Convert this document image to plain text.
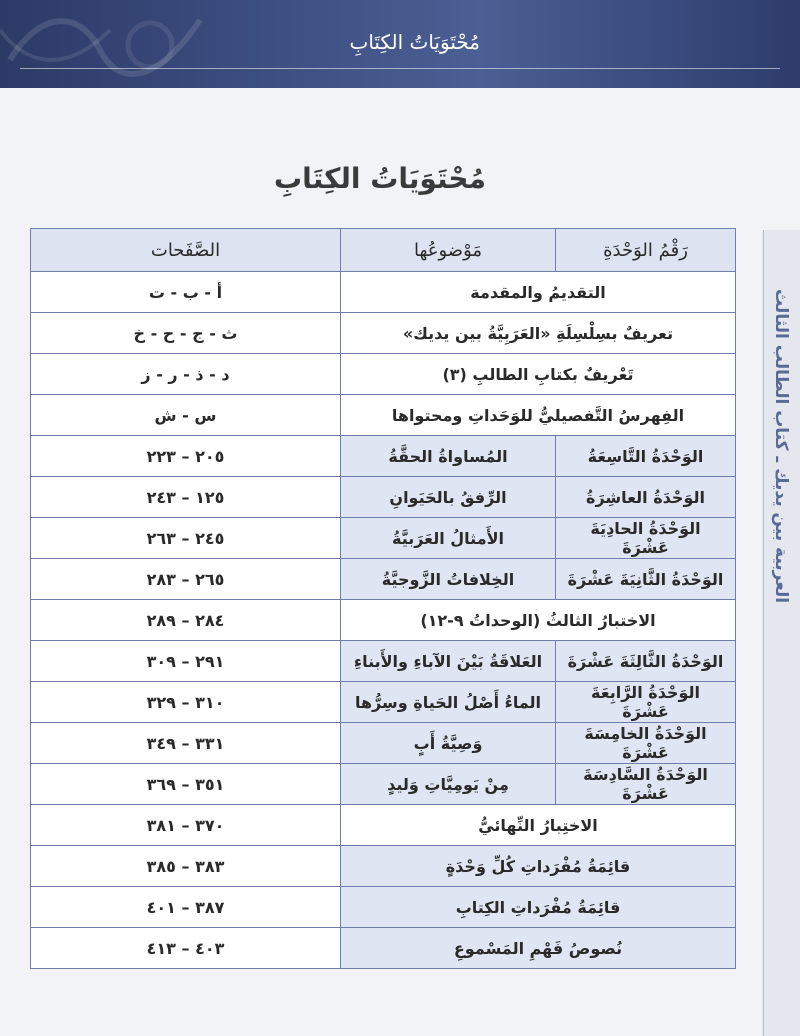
مُحْتَوَيَاتُ الكِتَابِ
مُحْتَوَيَاتُ الكِتَابِ
العربية بين يديك ـ كتاب الطالب الثالث
رَقْمُ الوَحْدَةِ	مَوْضوعُها	الصَّفَحات
التقديمُ والمقدمة		أ - ب - ت
تعريفٌ بسِلْسِلَةِ «العَرَبِيَّةُ بين يديك»		ث - ج - ح - خ
تَعْريفٌ بكتابِ الطالبِ (٣)		د - ذ - ر - ز
الفِهرسُ التَّفصيليُّ للوَحَداتِ ومحتواها		س - ش
الوَحْدَةُ التَّاسِعَةُ	المُساواةُ الحقَّةُ	٢٠٥ – ٢٢٣
الوَحْدَةُ العاشِرَةُ	الرِّفقُ بالحَيَوانِ	١٢٥ – ٢٤٣
الوَحْدَةُ الحادِيَةَ عَشْرَةَ	الأَمثالُ العَرَبيَّةُ	٢٤٥ – ٢٦٣
الوَحْدَةُ الثَّانِيَةَ عَشْرَةَ	الخِلافاتُ الزَّوجيَّةُ	٢٦٥ – ٢٨٣
الاختبارُ الثالثُ (الوحداتُ ٩-١٢)		٢٨٤ – ٢٨٩
الوَحْدَةُ الثَّالِثَةَ عَشْرَةَ	العَلاقَةُ بَيْنَ الآباءِ والأَبناءِ	٢٩١ – ٣٠٩
الوَحْدَةُ الرَّابِعَةَ عَشْرَةَ	الماءُ أَصْلُ الحَياةِ وسِرُّها	٣١٠ – ٣٢٩
الوَحْدَةُ الخامِسَةَ عَشْرَةَ	وَصِيَّةُ أَبٍ	٣٣١ – ٣٤٩
الوَحْدَةُ السَّادِسَةَ عَشْرَةَ	مِنْ يَومِيَّاتِ وَليدٍ	٣٥١ – ٣٦٩
الاختِبارُ النِّهائيُّ		٣٧٠ – ٣٨١
قائِمَةُ مُفْرَداتِ كُلِّ وَحْدَةٍ		٣٨٣ – ٣٨٥
قائِمَةُ مُفْرَداتِ الكِتابِ		٣٨٧ – ٤٠١
نُصوصُ فَهْمِ المَسْموعِ		٤٠٣ – ٤١٣
